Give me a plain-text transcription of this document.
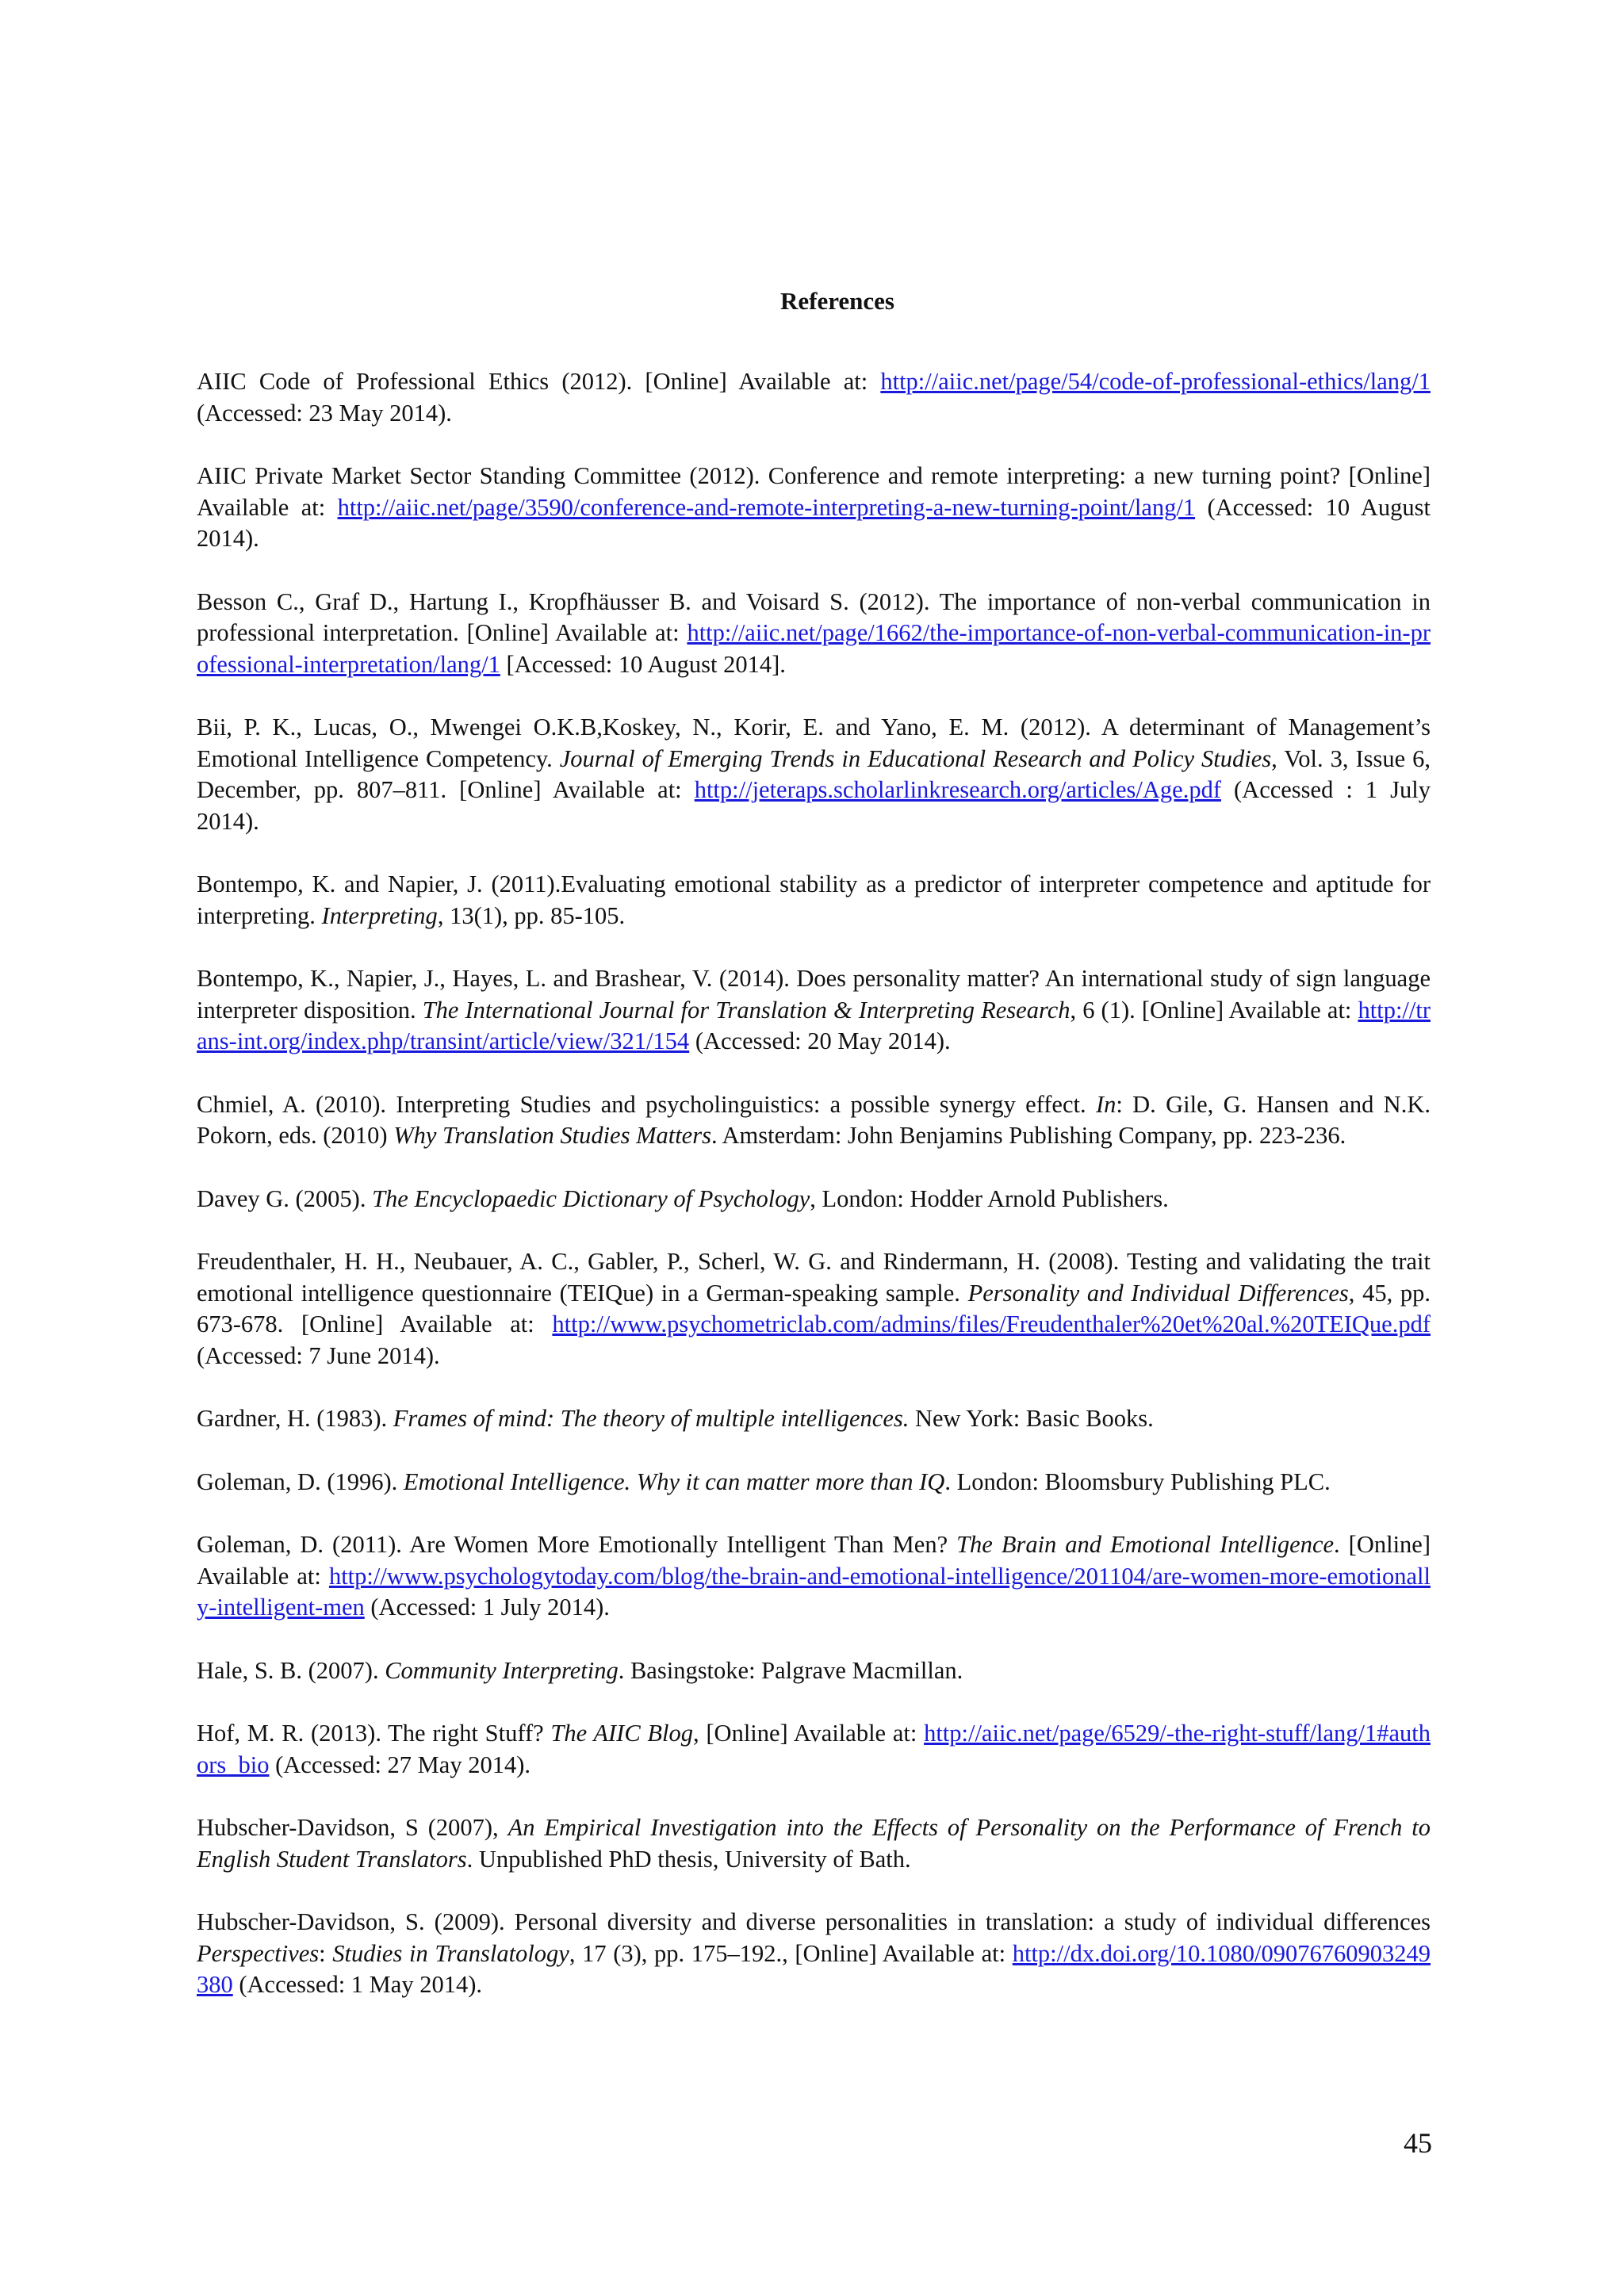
References

AIIC Code of Professional Ethics (2012). [Online] Available at: http://aiic.net/page/54/code-of-professional-ethics/lang/1 (Accessed: 23 May 2014).

AIIC Private Market Sector Standing Committee (2012). Conference and remote interpreting: a new turning point? [Online] Available at: http://aiic.net/page/3590/conference-and-remote-interpreting-a-new-turning-point/lang/1 (Accessed: 10 August 2014).

Besson C., Graf D., Hartung I., Kropfhäusser B. and Voisard S. (2012). The importance of non-verbal communication in professional interpretation. [Online] Available at: http://aiic.net/page/1662/the-importance-of-non-verbal-communication-in-professional-interpretation/lang/1 [Accessed: 10 August 2014].

Bii, P. K., Lucas, O., Mwengei O.K.B,Koskey, N., Korir, E. and Yano, E. M. (2012). A determinant of Management’s Emotional Intelligence Competency. Journal of Emerging Trends in Educational Research and Policy Studies, Vol. 3, Issue 6, December, pp. 807–811. [Online] Available at: http://jeteraps.scholarlinkresearch.org/articles/Age.pdf (Accessed : 1 July 2014).

Bontempo, K. and Napier, J. (2011).Evaluating emotional stability as a predictor of interpreter competence and aptitude for interpreting. Interpreting, 13(1), pp. 85-105.

Bontempo, K., Napier, J., Hayes, L. and Brashear, V. (2014). Does personality matter? An international study of sign language interpreter disposition. The International Journal for Translation & Interpreting Research, 6 (1). [Online] Available at: http://trans-int.org/index.php/transint/article/view/321/154 (Accessed: 20 May 2014).

Chmiel, A. (2010). Interpreting Studies and psycholinguistics: a possible synergy effect. In: D. Gile, G. Hansen and N.K. Pokorn, eds. (2010) Why Translation Studies Matters. Amsterdam: John Benjamins Publishing Company, pp. 223-236.

Davey G. (2005). The Encyclopaedic Dictionary of Psychology, London: Hodder Arnold Publishers.

Freudenthaler, H. H., Neubauer, A. C., Gabler, P., Scherl, W. G. and Rindermann, H. (2008). Testing and validating the trait emotional intelligence questionnaire (TEIQue) in a German-speaking sample. Personality and Individual Differences, 45, pp. 673-678. [Online] Available at: http://www.psychometriclab.com/admins/files/Freudenthaler%20et%20al.%20TEIQue.pdf (Accessed: 7 June 2014).

Gardner, H. (1983). Frames of mind: The theory of multiple intelligences. New York: Basic Books.

Goleman, D. (1996). Emotional Intelligence. Why it can matter more than IQ. London: Bloomsbury Publishing PLC.

Goleman, D. (2011). Are Women More Emotionally Intelligent Than Men? The Brain and Emotional Intelligence. [Online] Available at: http://www.psychologytoday.com/blog/the-brain-and-emotional-intelligence/201104/are-women-more-emotionally-intelligent-men (Accessed: 1 July 2014).

Hale, S. B. (2007). Community Interpreting. Basingstoke: Palgrave Macmillan.

Hof, M. R. (2013). The right Stuff? The AIIC Blog, [Online] Available at: http://aiic.net/page/6529/-the-right-stuff/lang/1#authors_bio (Accessed: 27 May 2014).

Hubscher-Davidson, S (2007), An Empirical Investigation into the Effects of Personality on the Performance of French to English Student Translators. Unpublished PhD thesis, University of Bath.

Hubscher-Davidson, S. (2009). Personal diversity and diverse personalities in translation: a study of individual differences Perspectives: Studies in Translatology, 17 (3), pp. 175–192., [Online] Available at: http://dx.doi.org/10.1080/09076760903249380 (Accessed: 1 May 2014).

45
